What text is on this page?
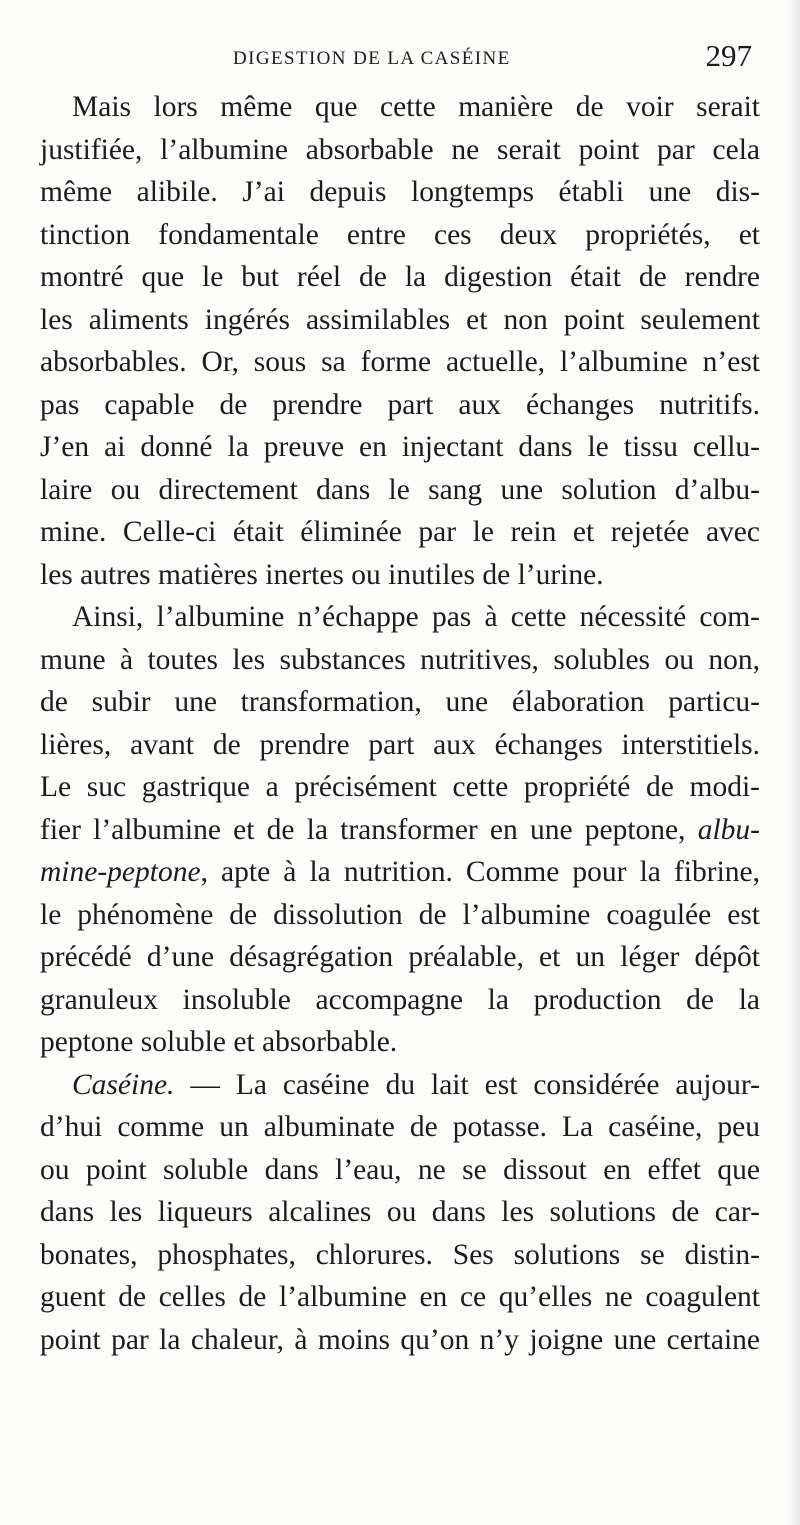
DIGESTION DE LA CASÉINE	297
Mais lors même que cette manière de voir serait
justifiée, l’albumine absorbable ne serait point par cela
même alibile. J’ai depuis longtemps établi une dis-
tinction fondamentale entre ces deux propriétés, et
montré que le but réel de la digestion était de rendre
les aliments ingérés assimilables et non point seulement
absorbables. Or, sous sa forme actuelle, l’albumine n’est
pas capable de prendre part aux échanges nutritifs.
J’en ai donné la preuve en injectant dans le tissu cellu-
laire ou directement dans le sang une solution d’albu-
mine. Celle-ci était éliminée par le rein et rejetée avec
les autres matières inertes ou inutiles de l’urine.
Ainsi, l’albumine n’échappe pas à cette nécessité com-
mune à toutes les substances nutritives, solubles ou non,
de subir une transformation, une élaboration particu-
lières, avant de prendre part aux échanges interstitiels.
Le suc gastrique a précisément cette propriété de modi-
fier l’albumine et de la transformer en une peptone, albu-
mine-peptone, apte à la nutrition. Comme pour la fibrine,
le phénomène de dissolution de l’albumine coagulée est
précédé d’une désagrégation préalable, et un léger dépôt
granuleux insoluble accompagne la production de la
peptone soluble et absorbable.
Caséine. — La caséine du lait est considérée aujour-
d’hui comme un albuminate de potasse. La caséine, peu
ou point soluble dans l’eau, ne se dissout en effet que
dans les liqueurs alcalines ou dans les solutions de car-
bonates, phosphates, chlorures. Ses solutions se distin-
guent de celles de l’albumine en ce qu’elles ne coagulent
point par la chaleur, à moins qu’on n’y joigne une certaine
